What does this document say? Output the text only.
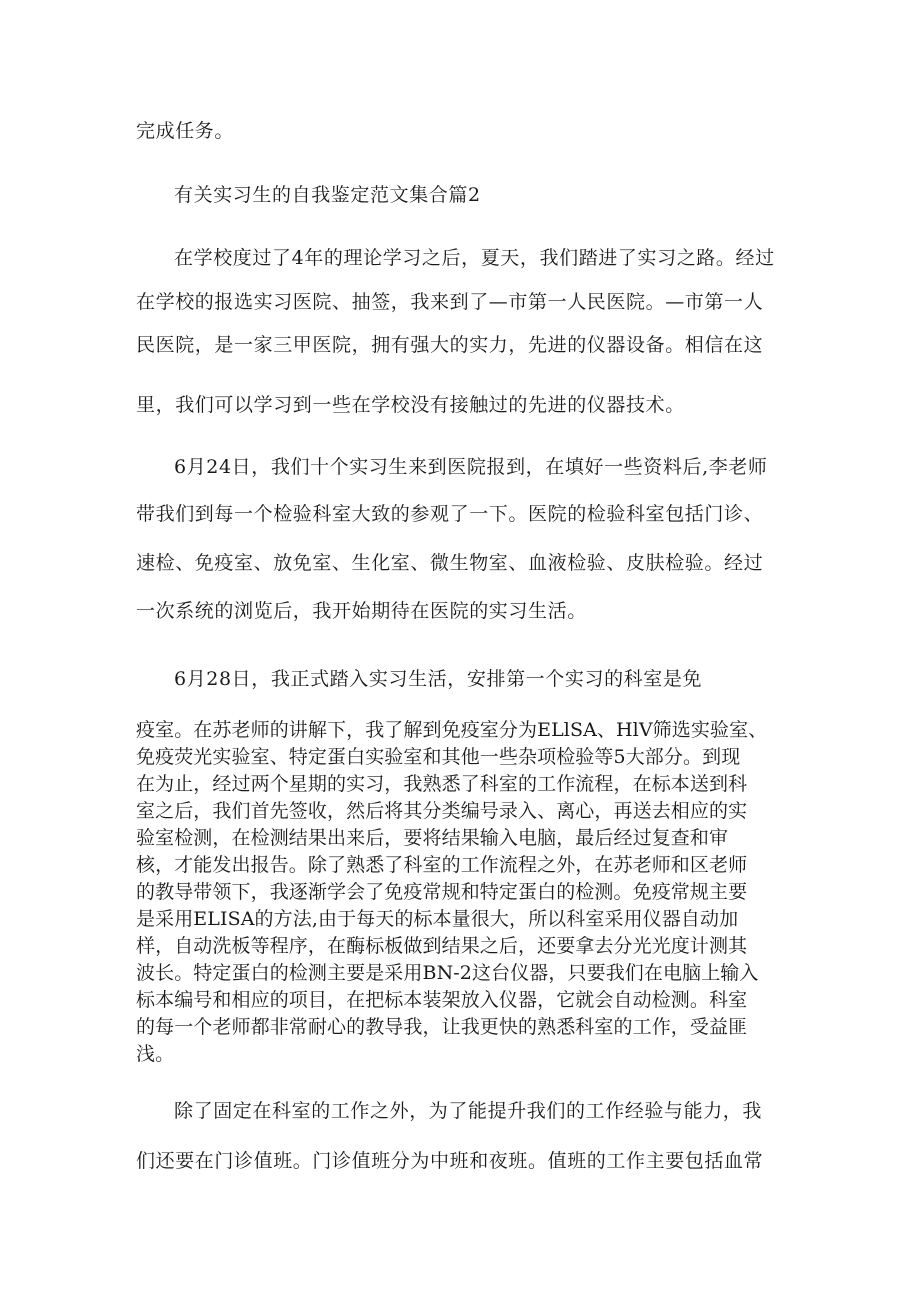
完成任务。
有关实习生的自我鉴定范文集合篇2
在学校度过了4年的理论学习之后，夏天，我们踏进了实习之路。经过
在学校的报选实习医院、抽签，我来到了—市第一人民医院。—市第一人
民医院，是一家三甲医院，拥有强大的实力，先进的仪器设备。相信在这
里，我们可以学习到一些在学校没有接触过的先进的仪器技术。
6月24日，我们十个实习生来到医院报到，在填好一些资料后,李老师
带我们到每一个检验科室大致的参观了一下。医院的检验科室包括门诊、
速检、免疫室、放免室、生化室、微生物室、血液检验、皮肤检验。经过
一次系统的浏览后，我开始期待在医院的实习生活。
6月28日，我正式踏入实习生活，安排第一个实习的科室是免
疫室。在苏老师的讲解下，我了解到免疫室分为ELlSA、HlV筛选实验室、
免疫荧光实验室、特定蛋白实验室和其他一些杂项检验等5大部分。到现
在为止，经过两个星期的实习，我熟悉了科室的工作流程，在标本送到科
室之后，我们首先签收，然后将其分类编号录入、离心，再送去相应的实
验室检测，在检测结果出来后，要将结果输入电脑，最后经过复查和审
核，才能发出报告。除了熟悉了科室的工作流程之外，在苏老师和区老师
的教导带领下，我逐渐学会了免疫常规和特定蛋白的检测。免疫常规主要
是采用ELISA的方法,由于每天的标本量很大，所以科室采用仪器自动加
样，自动洗板等程序，在酶标板做到结果之后，还要拿去分光光度计测其
波长。特定蛋白的检测主要是采用BN-2这台仪器，只要我们在电脑上输入
标本编号和相应的项目，在把标本装架放入仪器，它就会自动检测。科室
的每一个老师都非常耐心的教导我，让我更快的熟悉科室的工作，受益匪
浅。
除了固定在科室的工作之外，为了能提升我们的工作经验与能力，我
们还要在门诊值班。门诊值班分为中班和夜班。值班的工作主要包括血常
